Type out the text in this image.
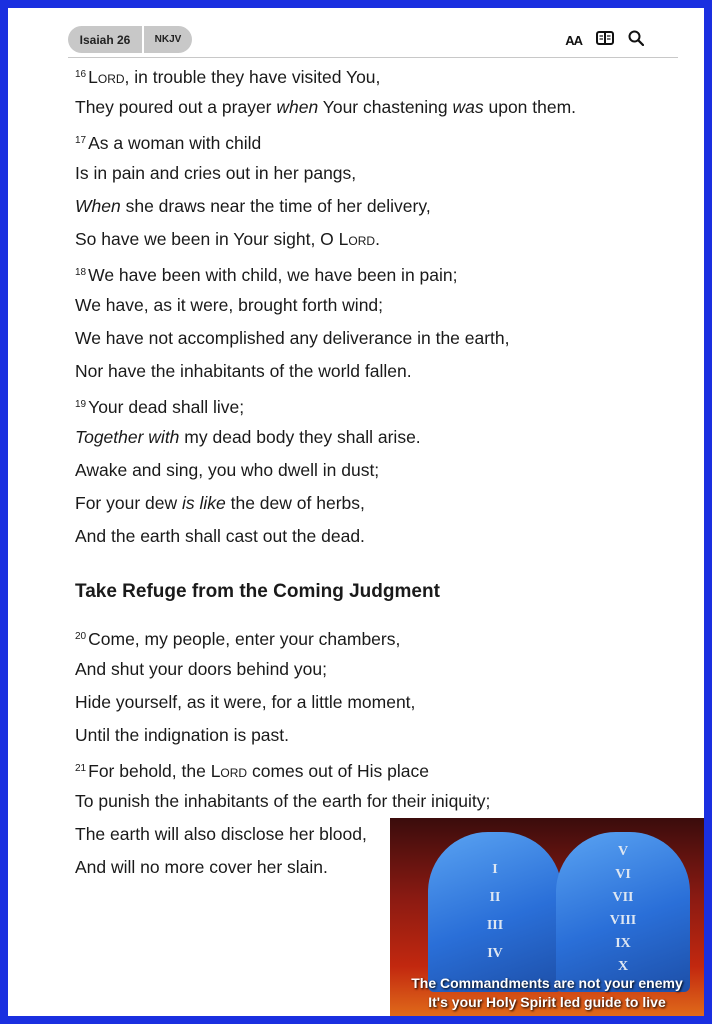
Isaiah 26	NKJV	AA
$^{16}$ Lord, in trouble they have visited You,
They poured out a prayer when Your chastening was upon them.
$^{17}$ As a woman with child
Is in pain and cries out in her pangs,
When she draws near the time of her delivery,
So have we been in Your sight, O Lord.
$^{18}$ We have been with child, we have been in pain;
We have, as it were, brought forth wind;
We have not accomplished any deliverance in the earth,
Nor have the inhabitants of the world fallen.
$^{19}$ Your dead shall live;
Together with my dead body they shall arise.
Awake and sing, you who dwell in dust;
For your dew is like the dew of herbs,
And the earth shall cast out the dead.
Take Refuge from the Coming Judgment
$^{20}$ Come, my people, enter your chambers,
And shut your doors behind you;
Hide yourself, as it were, for a little moment,
Until the indignation is past.
$^{21}$ For behold, the Lord comes out of His place
To punish the inhabitants of the earth for their iniquity;
The earth will also disclose her blood,
And will no more cover her slain.	I
II
III
IV
V
VI
VII
VIII
IX
X
The Commandments are not your enemy
It's your Holy Spirit led guide to live
